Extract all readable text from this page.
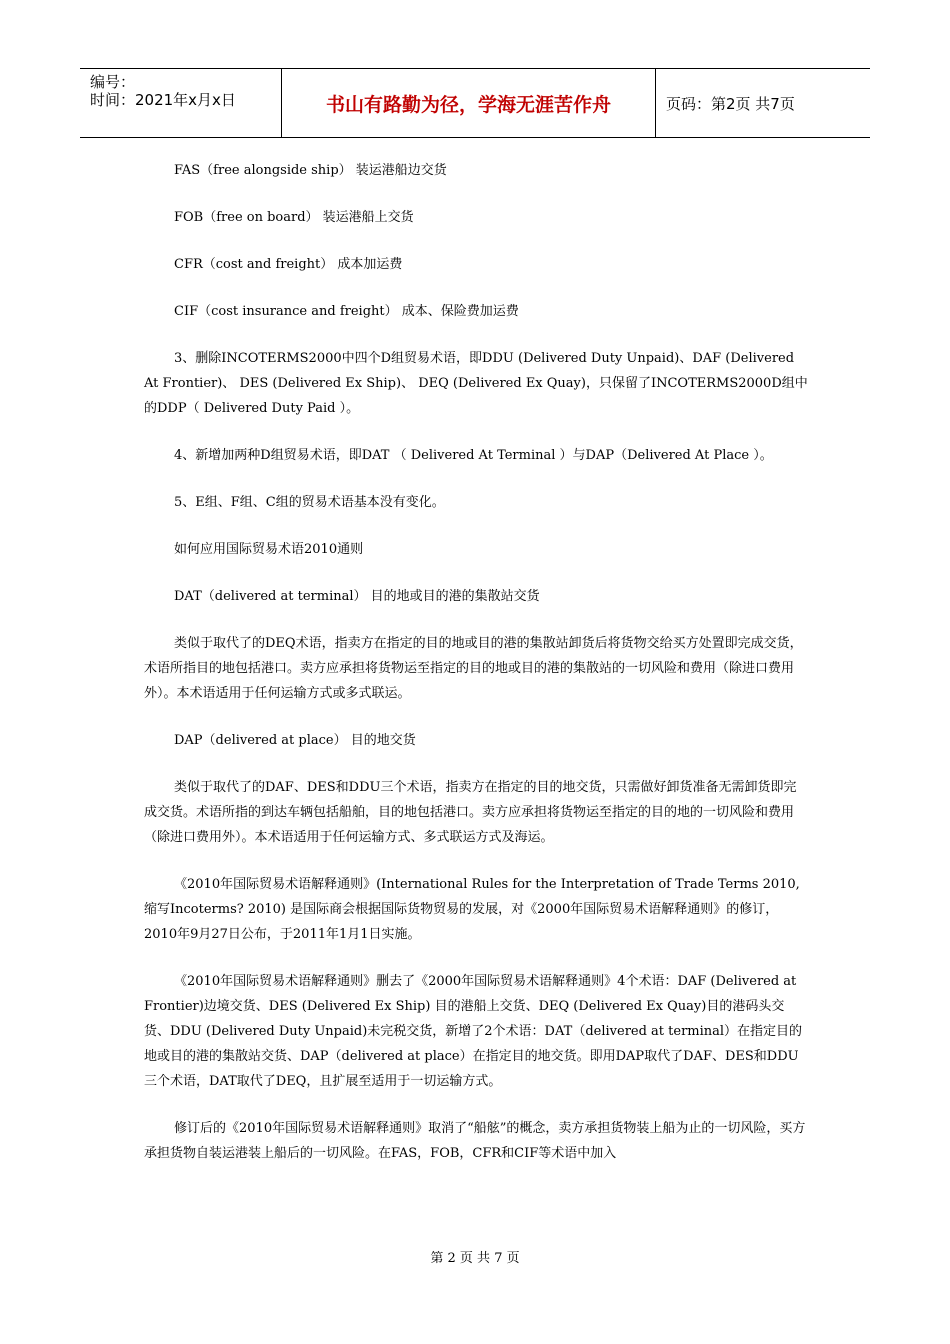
编号：
时间：2021年x月x日	书山有路勤为径，学海无涯苦作舟	页码：第2页 共7页

FAS（free alongside ship） 装运港船边交货

FOB（free on board） 装运港船上交货

CFR（cost and freight） 成本加运费

CIF（cost insurance and freight） 成本、保险费加运费

3、删除INCOTERMS2000中四个D组贸易术语，即DDU (Delivered Duty Unpaid)、DAF (Delivered At Frontier)、 DES (Delivered Ex Ship)、 DEQ (Delivered Ex Quay)，只保留了INCOTERMS2000D组中的DDP（ Delivered Duty Paid ）。

4、新增加两种D组贸易术语，即DAT （ Delivered At Terminal ）与DAP（Delivered At Place ）。

5、E组、F组、C组的贸易术语基本没有变化。

如何应用国际贸易术语2010通则

DAT（delivered at terminal） 目的地或目的港的集散站交货

类似于取代了的DEQ术语，指卖方在指定的目的地或目的港的集散站卸货后将货物交给买方处置即完成交货，术语所指目的地包括港口。卖方应承担将货物运至指定的目的地或目的港的集散站的一切风险和费用（除进口费用外）。本术语适用于任何运输方式或多式联运。

DAP（delivered at place） 目的地交货

类似于取代了的DAF、DES和DDU三个术语，指卖方在指定的目的地交货，只需做好卸货准备无需卸货即完成交货。术语所指的到达车辆包括船舶，目的地包括港口。卖方应承担将货物运至指定的目的地的一切风险和费用（除进口费用外）。本术语适用于任何运输方式、多式联运方式及海运。

《2010年国际贸易术语解释通则》(International Rules for the Interpretation of Trade Terms 2010, 缩写Incoterms? 2010) 是国际商会根据国际货物贸易的发展，对《2000年国际贸易术语解释通则》的修订，2010年9月27日公布，于2011年1月1日实施。

《2010年国际贸易术语解释通则》删去了《2000年国际贸易术语解释通则》4个术语：DAF (Delivered at Frontier)边境交货、DES (Delivered Ex Ship) 目的港船上交货、DEQ (Delivered Ex Quay)目的港码头交货、DDU (Delivered Duty Unpaid)未完税交货，新增了2个术语：DAT（delivered at terminal）在指定目的地或目的港的集散站交货、DAP（delivered at place）在指定目的地交货。即用DAP取代了DAF、DES和DDU三个术语，DAT取代了DEQ，且扩展至适用于一切运输方式。

修订后的《2010年国际贸易术语解释通则》取消了“船舷”的概念，卖方承担货物装上船为止的一切风险，买方承担货物自装运港装上船后的一切风险。在FAS，FOB，CFR和CIF等术语中加入

第 2 页 共 7 页
